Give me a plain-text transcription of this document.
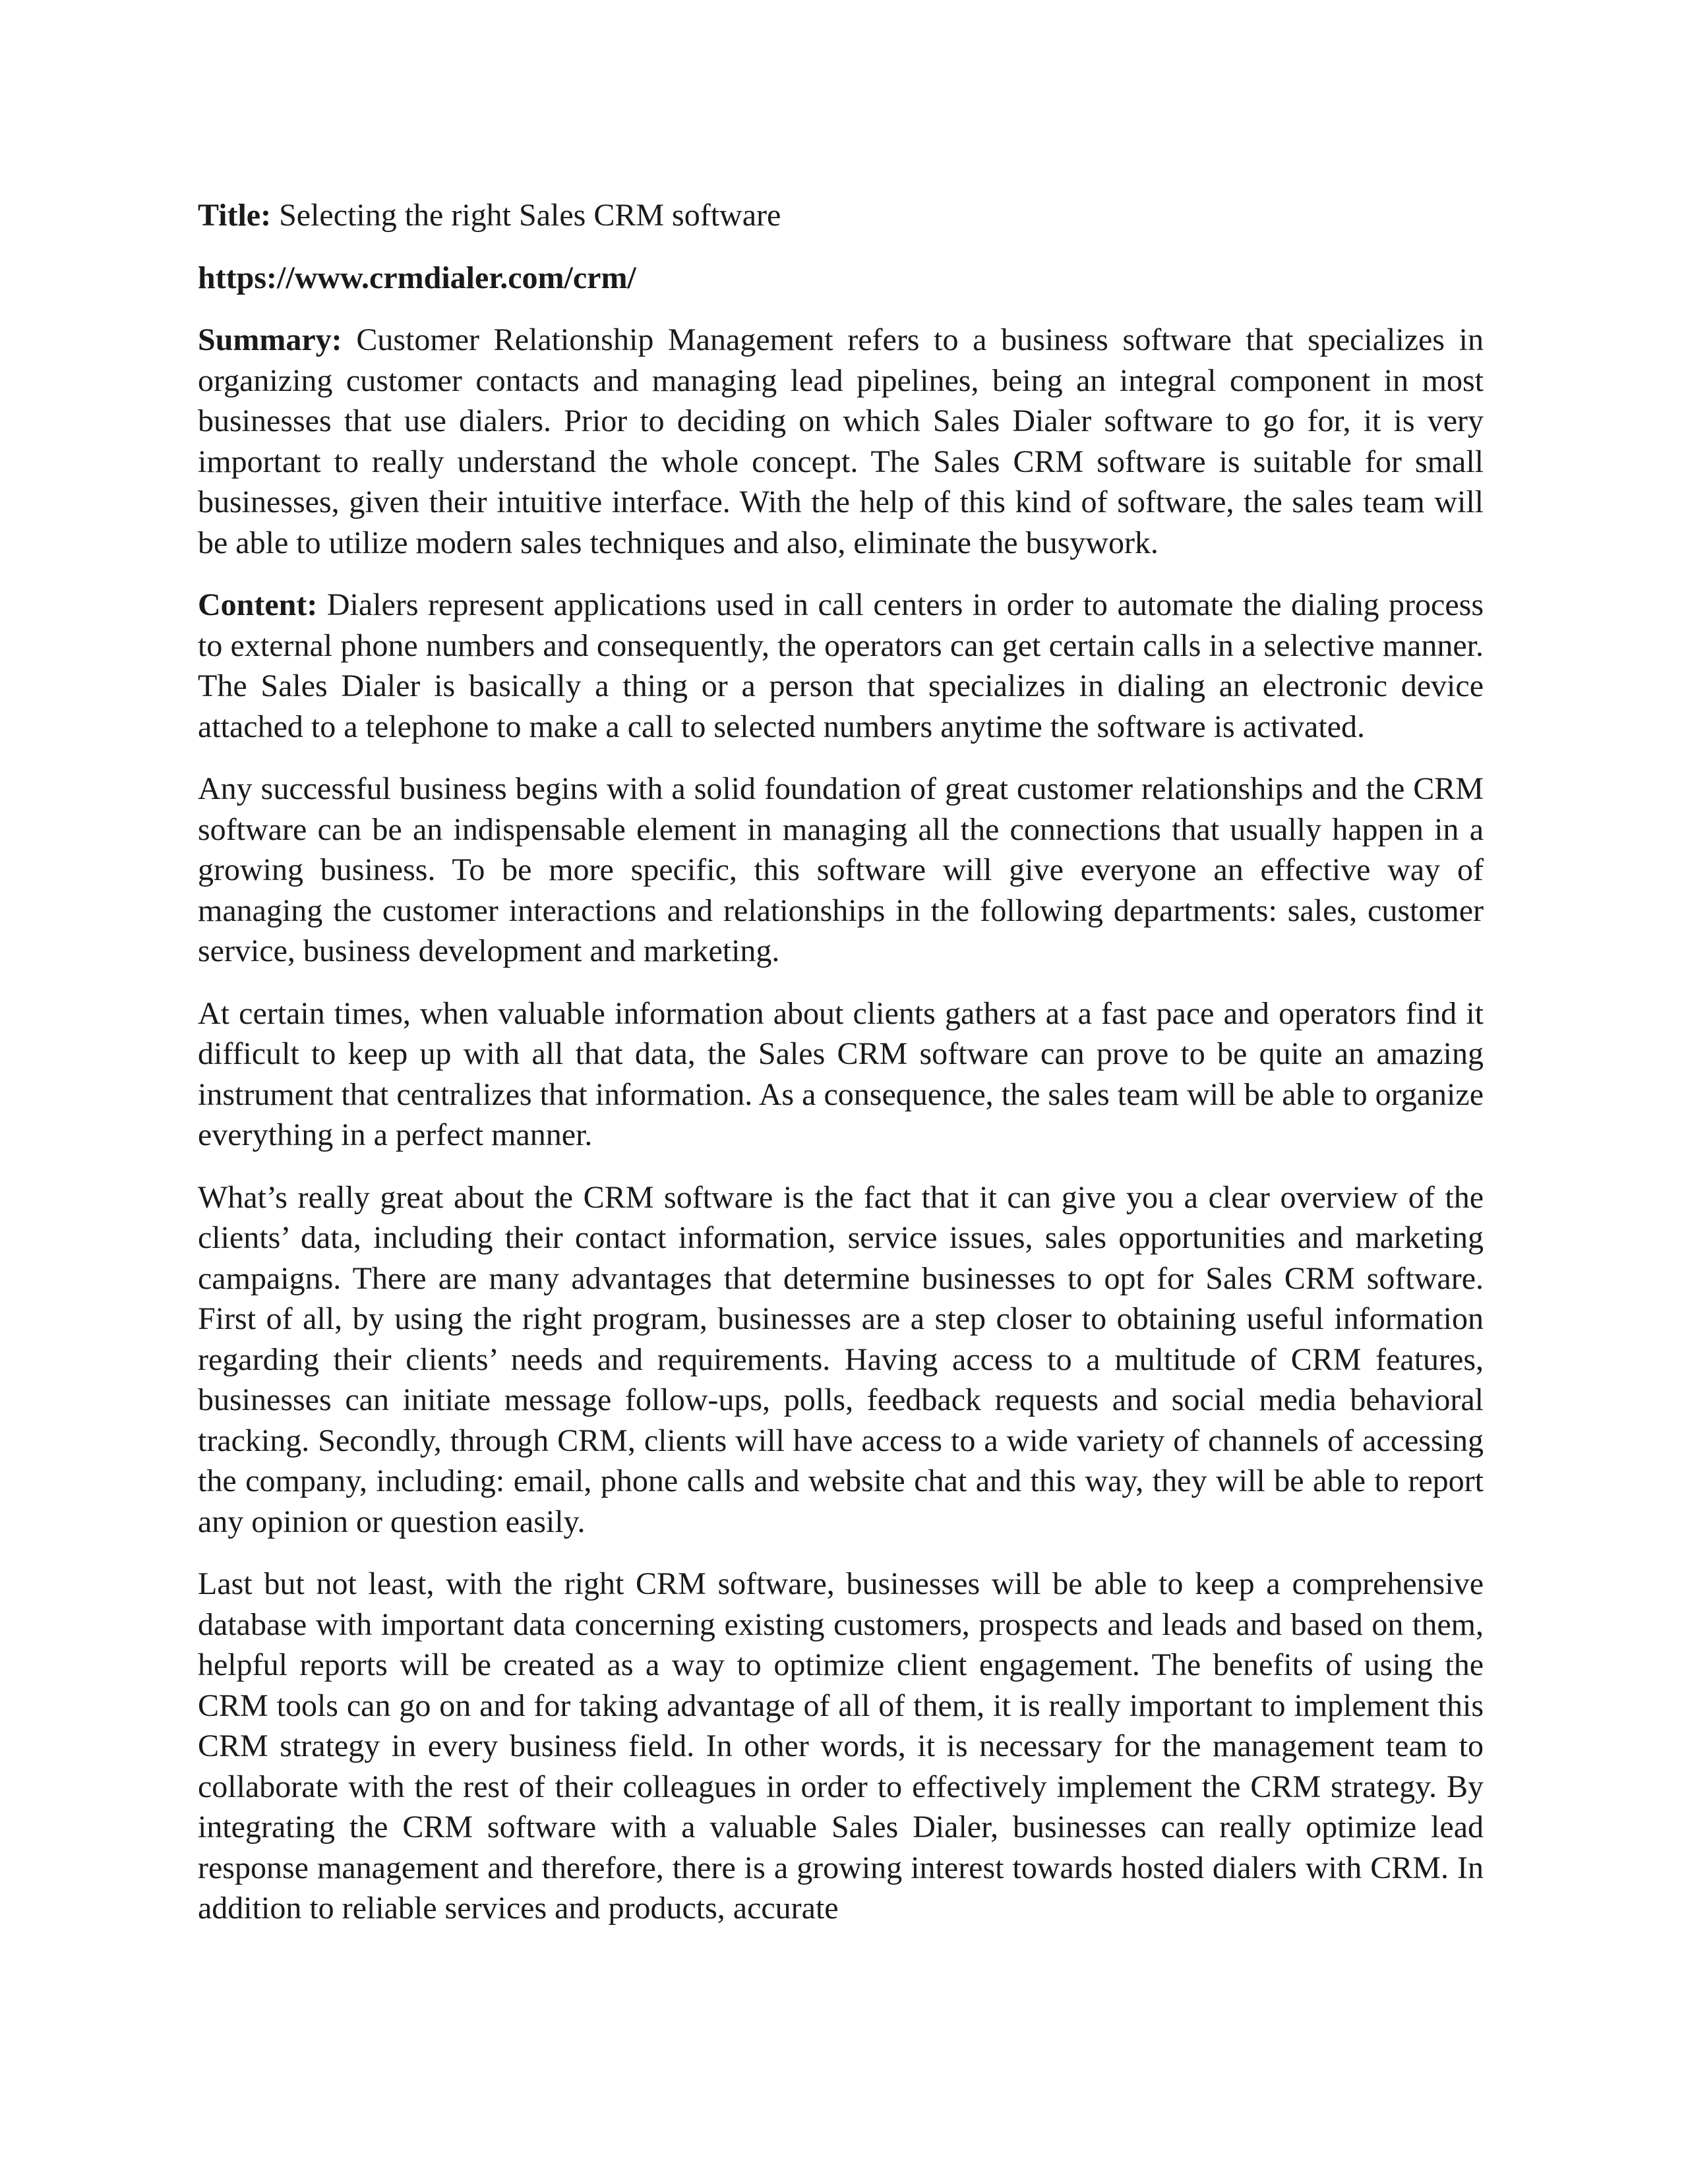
Title: Selecting the right Sales CRM software
https://www.crmdialer.com/crm/

Summary: Customer Relationship Management refers to a business software that specializes in organizing customer contacts and managing lead pipelines, being an integral component in most businesses that use dialers. Prior to deciding on which Sales Dialer software to go for, it is very important to really understand the whole concept. The Sales CRM software is suitable for small businesses, given their intuitive interface. With the help of this kind of software, the sales team will be able to utilize modern sales techniques and also, eliminate the busywork.

Content: Dialers represent applications used in call centers in order to automate the dialing process to external phone numbers and consequently, the operators can get certain calls in a selective manner. The Sales Dialer is basically a thing or a person that specializes in dialing an electronic device attached to a telephone to make a call to selected numbers anytime the software is activated.

Any successful business begins with a solid foundation of great customer relationships and the CRM software can be an indispensable element in managing all the connections that usually happen in a growing business. To be more specific, this software will give everyone an effective way of managing the customer interactions and relationships in the following departments: sales, customer service, business development and marketing.

At certain times, when valuable information about clients gathers at a fast pace and operators find it difficult to keep up with all that data, the Sales CRM software can prove to be quite an amazing instrument that centralizes that information. As a consequence, the sales team will be able to organize everything in a perfect manner.

What’s really great about the CRM software is the fact that it can give you a clear overview of the clients’ data, including their contact information, service issues, sales opportunities and marketing campaigns. There are many advantages that determine businesses to opt for Sales CRM software. First of all, by using the right program, businesses are a step closer to obtaining useful information regarding their clients’ needs and requirements. Having access to a multitude of CRM features, businesses can initiate message follow-ups, polls, feedback requests and social media behavioral tracking. Secondly, through CRM, clients will have access to a wide variety of channels of accessing the company, including: email, phone calls and website chat and this way, they will be able to report any opinion or question easily.

Last but not least, with the right CRM software, businesses will be able to keep a comprehensive database with important data concerning existing customers, prospects and leads and based on them, helpful reports will be created as a way to optimize client engagement. The benefits of using the CRM tools can go on and for taking advantage of all of them, it is really important to implement this CRM strategy in every business field. In other words, it is necessary for the management team to collaborate with the rest of their colleagues in order to effectively implement the CRM strategy. By integrating the CRM software with a valuable Sales Dialer, businesses can really optimize lead response management and therefore, there is a growing interest towards hosted dialers with CRM. In addition to reliable services and products, accurate
